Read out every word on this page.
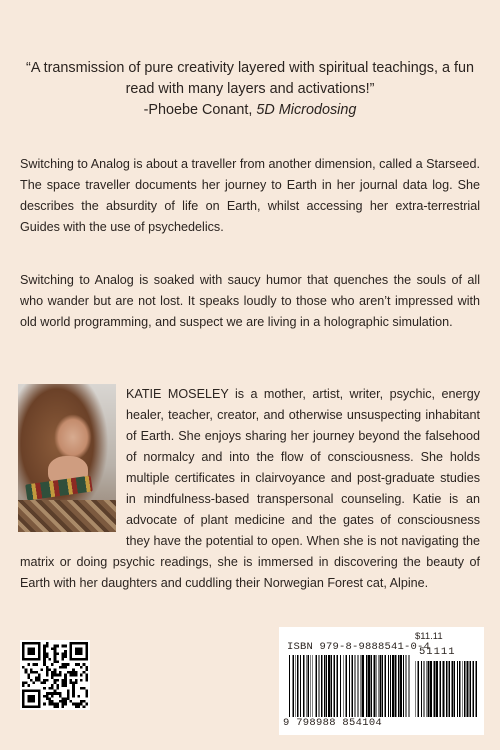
“A transmission of pure creativity layered with spiritual teachings, a fun read with many layers and activations!”
-Phoebe Conant, 5D Microdosing
Switching to Analog is about a traveller from another dimension, called a Starseed. The space traveller documents her journey to Earth in her journal data log. She describes the absurdity of life on Earth, whilst accessing her extra-terrestrial Guides with the use of psychedelics.
Switching to Analog is soaked with saucy humor that quenches the souls of all who wander but are not lost. It speaks loudly to those who aren’t impressed with old world programming, and suspect we are living in a holographic simulation.
KATIE MOSELEY is a mother, artist, writer, psychic, energy healer, teacher, creator, and otherwise unsuspecting inhabitant of Earth. She enjoys sharing her journey beyond the falsehood of normalcy and into the flow of consciousness. She holds multiple certificates in clairvoyance and post-graduate studies in mindfulness-based transpersonal counseling. Katie is an advocate of plant medicine and the gates of consciousness they have the potential to open. When she is not navigating the matrix or doing psychic readings, she is immersed in discovering the beauty of Earth with her daughters and cuddling their Norwegian Forest cat, Alpine.
$11.11
ISBN 979-8-9888541-0-4
51111
9 798988 854104
